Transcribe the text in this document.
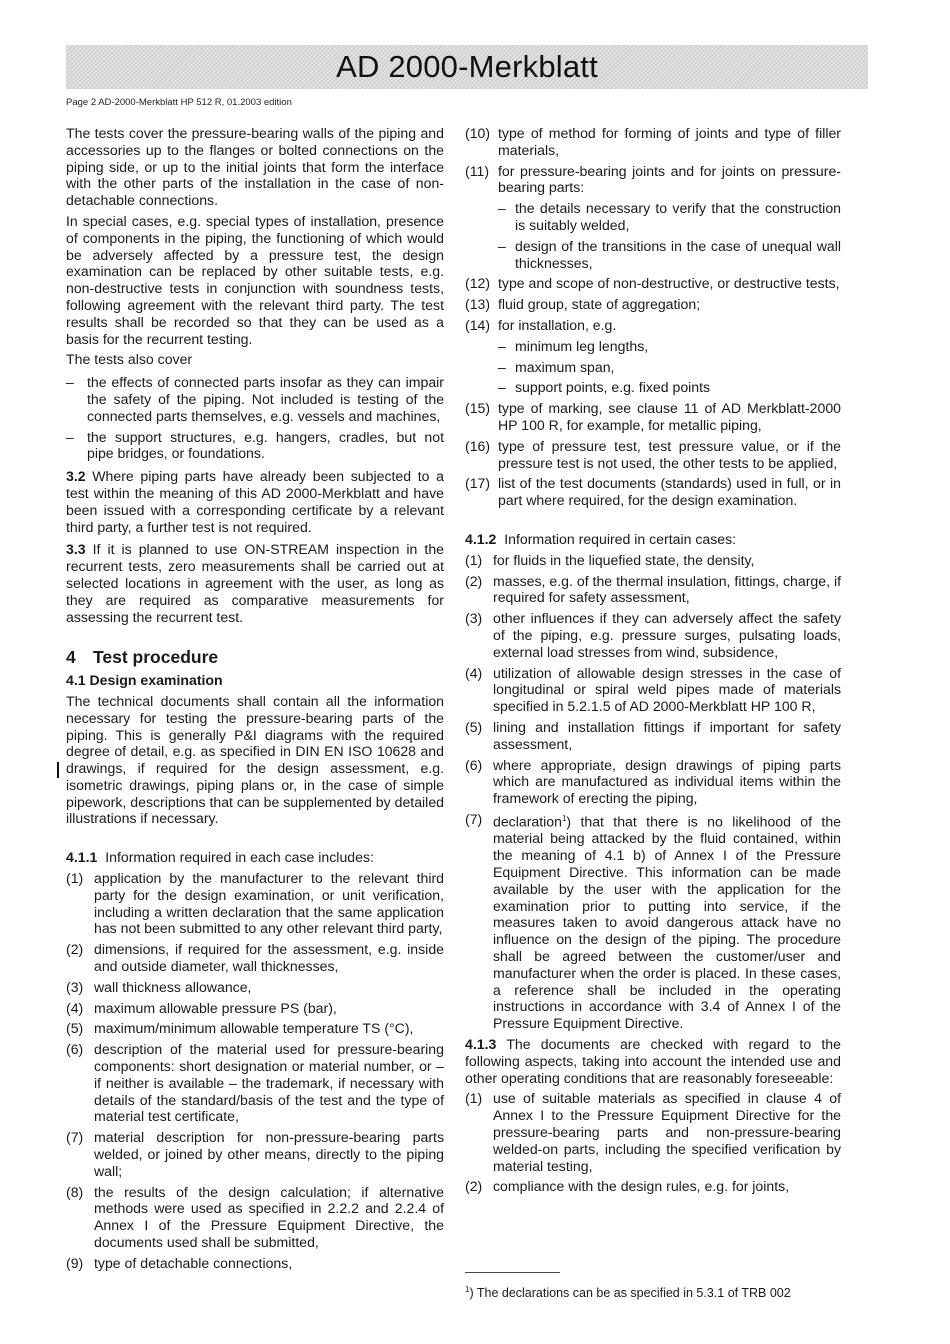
AD 2000-Merkblatt
Page 2 AD-2000-Merkblatt HP 512 R, 01.2003 edition

The tests cover the pressure-bearing walls of the piping and accessories up to the flanges or bolted connections on the piping side, or up to the initial joints that form the interface with the other parts of the installation in the case of non-detachable connections.

In special cases, e.g. special types of installation, presence of components in the piping, the functioning of which would be adversely affected by a pressure test, the design examination can be replaced by other suitable tests, e.g. non-destructive tests in conjunction with soundness tests, following agreement with the relevant third party. The test results shall be recorded so that they can be used as a basis for the recurrent testing.

The tests also cover

– the effects of connected parts insofar as they can impair the safety of the piping. Not included is testing of the connected parts themselves, e.g. vessels and machines,
– the support structures, e.g. hangers, cradles, but not pipe bridges, or foundations.

3.2 Where piping parts have already been subjected to a test within the meaning of this AD 2000-Merkblatt and have been issued with a corresponding certificate by a relevant third party, a further test is not required.

3.3 If it is planned to use ON-STREAM inspection in the recurrent tests, zero measurements shall be carried out at selected locations in agreement with the user, as long as they are required as comparative measurements for assessing the recurrent test.

4 Test procedure
4.1 Design examination

The technical documents shall contain all the information necessary for testing the pressure-bearing parts of the piping. This is generally P&I diagrams with the required degree of detail, e.g. as specified in DIN EN ISO 10628 and drawings, if required for the design assessment, e.g. isometric drawings, piping plans or, in the case of simple pipework, descriptions that can be supplemented by detailed illustrations if necessary.

4.1.1 Information required in each case includes:

(1) application by the manufacturer to the relevant third party for the design examination, or unit verification, including a written declaration that the same application has not been submitted to any other relevant third party,
(2) dimensions, if required for the assessment, e.g. inside and outside diameter, wall thicknesses,
(3) wall thickness allowance,
(4) maximum allowable pressure PS (bar),
(5) maximum/minimum allowable temperature TS (°C),
(6) description of the material used for pressure-bearing components: short designation or material number, or – if neither is available – the trademark, if necessary with details of the standard/basis of the test and the type of material test certificate,
(7) material description for non-pressure-bearing parts welded, or joined by other means, directly to the piping wall;
(8) the results of the design calculation; if alternative methods were used as specified in 2.2.2 and 2.2.4 of Annex I of the Pressure Equipment Directive, the documents used shall be submitted,
(9) type of detachable connections,
(10) type of method for forming of joints and type of filler materials,
(11) for pressure-bearing joints and for joints on pressure-bearing parts:
– the details necessary to verify that the construction is suitably welded,
– design of the transitions in the case of unequal wall thicknesses,
(12) type and scope of non-destructive, or destructive tests,
(13) fluid group, state of aggregation;
(14) for installation, e.g.
– minimum leg lengths,
– maximum span,
– support points, e.g. fixed points
(15) type of marking, see clause 11 of AD Merkblatt-2000 HP 100 R, for example, for metallic piping,
(16) type of pressure test, test pressure value, or if the pressure test is not used, the other tests to be applied,
(17) list of the test documents (standards) used in full, or in part where required, for the design examination.

4.1.2 Information required in certain cases:

(1) for fluids in the liquefied state, the density,
(2) masses, e.g. of the thermal insulation, fittings, charge, if required for safety assessment,
(3) other influences if they can adversely affect the safety of the piping, e.g. pressure surges, pulsating loads, external load stresses from wind, subsidence,
(4) utilization of allowable design stresses in the case of longitudinal or spiral weld pipes made of materials specified in 5.2.1.5 of AD 2000-Merkblatt HP 100 R,
(5) lining and installation fittings if important for safety assessment,
(6) where appropriate, design drawings of piping parts which are manufactured as individual items within the framework of erecting the piping,
(7) declaration$^1$) that that there is no likelihood of the material being attacked by the fluid contained, within the meaning of 4.1 b) of Annex I of the Pressure Equipment Directive. This information can be made available by the user with the application for the examination prior to putting into service, if the measures taken to avoid dangerous attack have no influence on the design of the piping. The procedure shall be agreed between the customer/user and manufacturer when the order is placed. In these cases, a reference shall be included in the operating instructions in accordance with 3.4 of Annex I of the Pressure Equipment Directive.

4.1.3 The documents are checked with regard to the following aspects, taking into account the intended use and other operating conditions that are reasonably foreseeable:

(1) use of suitable materials as specified in clause 4 of Annex I to the Pressure Equipment Directive for the pressure-bearing parts and non-pressure-bearing welded-on parts, including the specified verification by material testing,
(2) compliance with the design rules, e.g. for joints,
$^1$) The declarations can be as specified in 5.3.1 of TRB 002
